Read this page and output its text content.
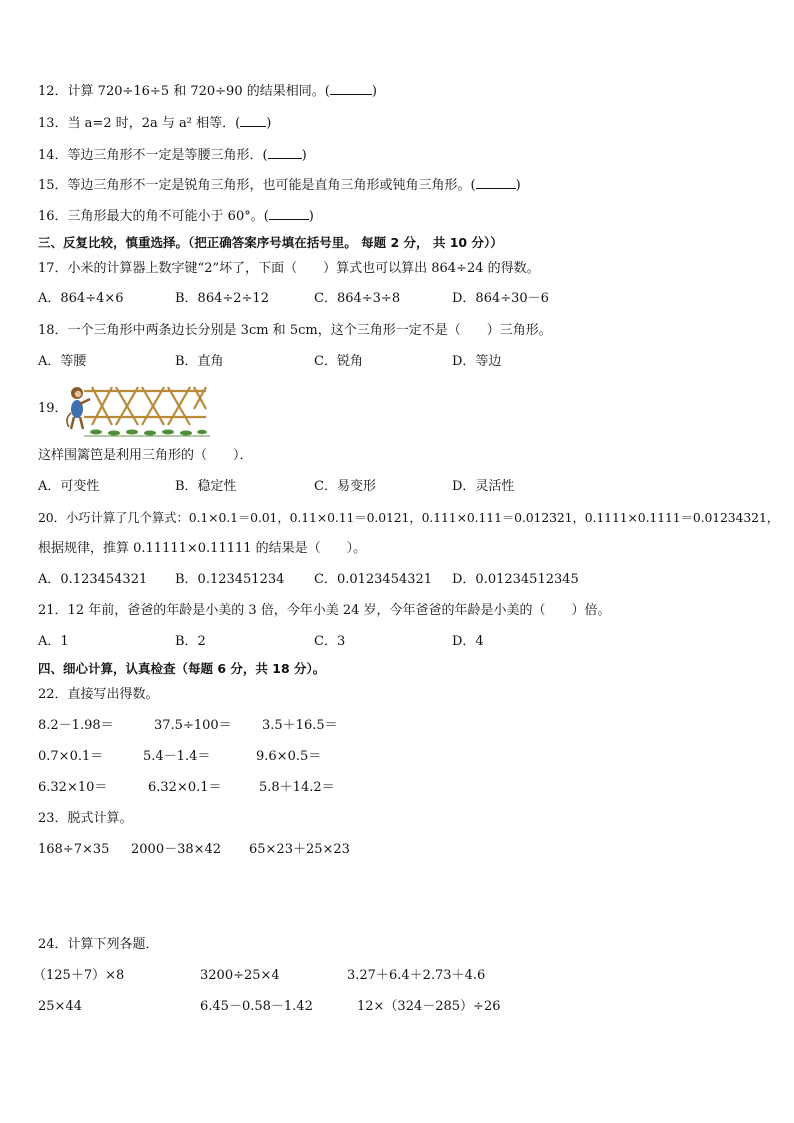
12．计算 720÷16÷5 和 720÷90 的结果相同。(	)
13．当 a=2 时，2a 与 a² 相等．( )
14．等边三角形不一定是等腰三角形．(	)
15．等边三角形不一定是锐角三角形，也可能是直角三角形或钝角三角形。(	)
16．三角形最大的角不可能小于 60°。(	)
三、反复比较，慎重选择。（把正确答案序号填在括号里。 每题 2 分， 共 10 分））
17．小米的计算器上数字键“2”坏了，下面（　　）算式也可以算出 864÷24 的得数。
A．864÷4×6	B．864÷2÷12	C．864÷3÷8	D．864÷30－6
18．一个三角形中两条边长分别是 3cm 和 5cm，这个三角形一定不是（　　）三角形。
A．等腰	B．直角	C．锐角	D．等边
19．
这样围篱笆是利用三角形的（　　）．
A．可变性	B．稳定性	C．易变形	D．灵活性
20．小巧计算了几个算式：0.1×0.1＝0.01，0.11×0.11＝0.0121，0.111×0.111＝0.012321，0.1111×0.1111＝0.01234321，
根据规律，推算 0.11111×0.11111 的结果是（　　）。
A．0.123454321 B．0.123451234 C．0.0123454321 D．0.01234512345
21．12 年前，爸爸的年龄是小美的 3 倍，今年小美 24 岁，今年爸爸的年龄是小美的（　　）倍。
A．1	B．2	C．3	D．4
四、细心计算，认真检查（每题 6 分，共 18 分）。
22．直接写出得数。
8.2－1.98＝	37.5÷100＝ 3.5＋16.5＝
0.7×0.1＝	5.4－1.4＝	9.6×0.5＝
6.32×10＝	6.32×0.1＝	5.8＋14.2＝
23．脱式计算。
168÷7×35 2000－38×42 65×23＋25×23
24．计算下列各题．
（125＋7）×8	3200÷25×4	3.27＋6.4＋2.73＋4.6
25×44	6.45－0.58－1.42	12×（324－285）÷26
